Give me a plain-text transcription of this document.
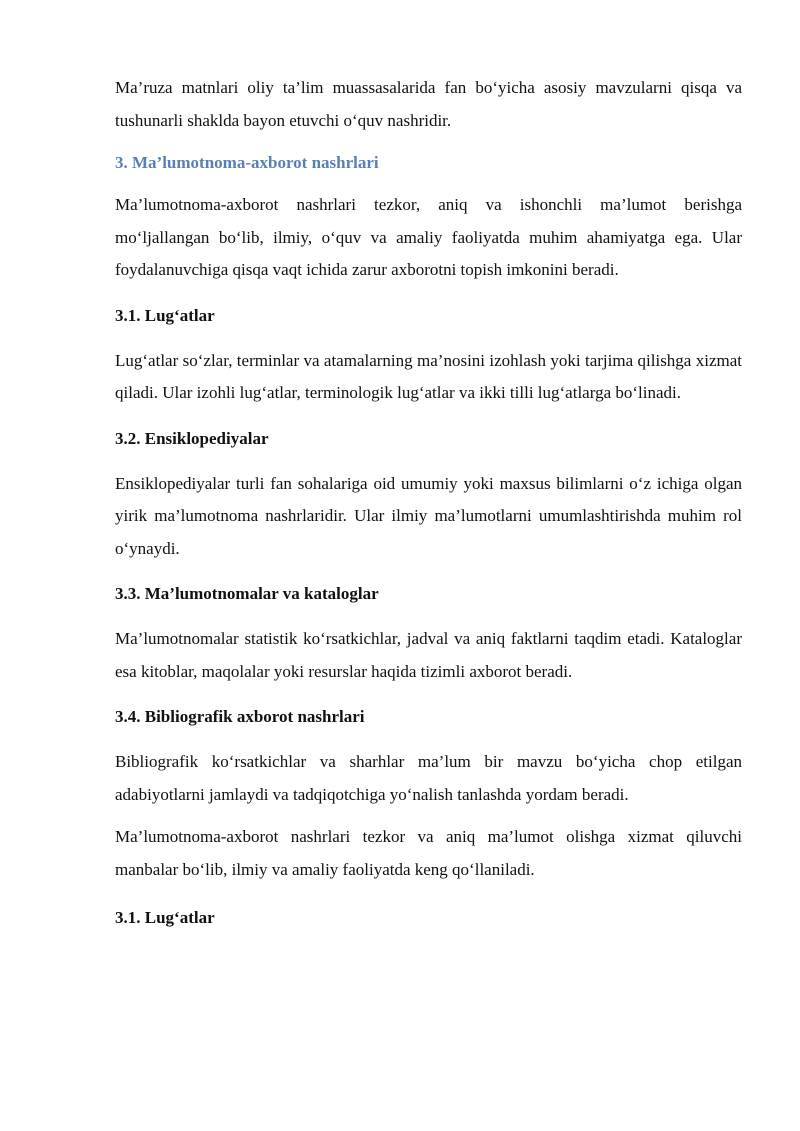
Ma’ruza matnlari oliy ta’lim muassasalarida fan bo‘yicha asosiy mavzularni qisqa va tushunarli shaklda bayon etuvchi o‘quv nashridir.

3. Ma’lumotnoma-axborot nashrlari

Ma’lumotnoma-axborot nashrlari tezkor, aniq va ishonchli ma’lumot berishga mo‘ljallangan bo‘lib, ilmiy, o‘quv va amaliy faoliyatda muhim ahamiyatga ega. Ular foydalanuvchiga qisqa vaqt ichida zarur axborotni topish imkonini beradi.

3.1. Lug‘atlar

Lug‘atlar so‘zlar, terminlar va atamalarning ma’nosini izohlash yoki tarjima qilishga xizmat qiladi. Ular izohli lug‘atlar, terminologik lug‘atlar va ikki tilli lug‘atlarga bo‘linadi.

3.2. Ensiklopediyalar

Ensiklopediyalar turli fan sohalariga oid umumiy yoki maxsus bilimlarni o‘z ichiga olgan yirik ma’lumotnoma nashrlaridir. Ular ilmiy ma’lumotlarni umumlashtirishda muhim rol o‘ynaydi.

3.3. Ma’lumotnomalar va kataloglar

Ma’lumotnomalar statistik ko‘rsatkichlar, jadval va aniq faktlarni taqdim etadi. Kataloglar esa kitoblar, maqolalar yoki resurslar haqida tizimli axborot beradi.

3.4. Bibliografik axborot nashrlari

Bibliografik ko‘rsatkichlar va sharhlar ma’lum bir mavzu bo‘yicha chop etilgan adabiyotlarni jamlaydi va tadqiqotchiga yo‘nalish tanlashda yordam beradi.

Ma’lumotnoma-axborot nashrlari tezkor va aniq ma’lumot olishga xizmat qiluvchi manbalar bo‘lib, ilmiy va amaliy faoliyatda keng qo‘llaniladi.

3.1. Lug‘atlar
